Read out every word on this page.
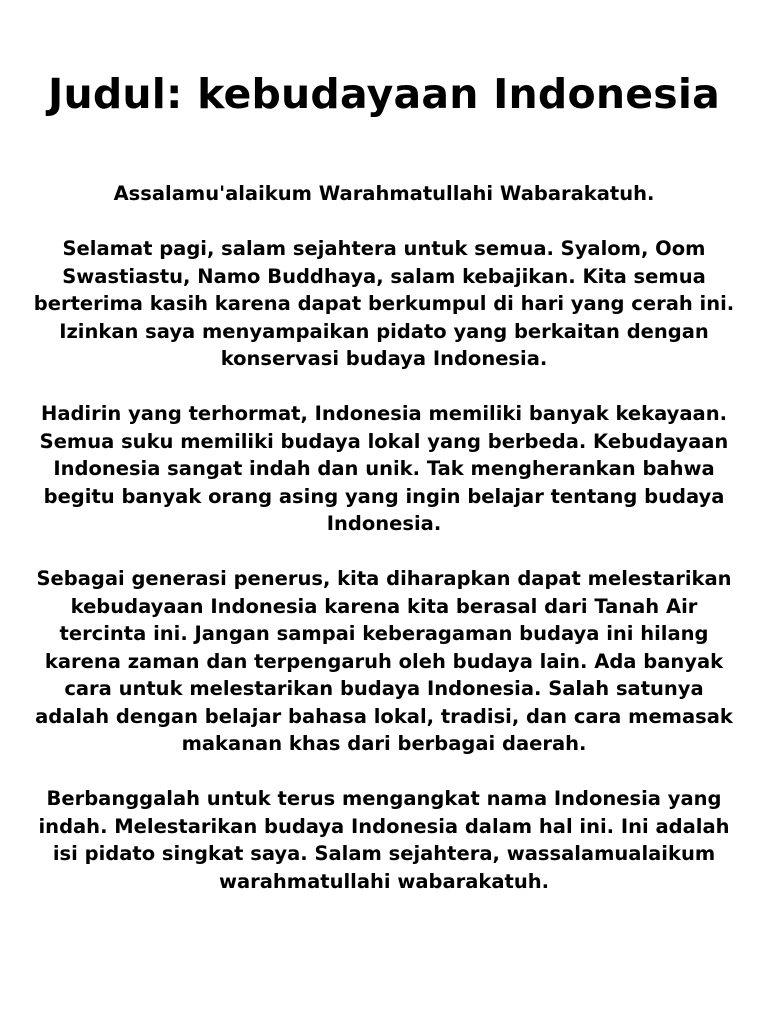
Judul: kebudayaan Indonesia

Assalamu'alaikum Warahmatullahi Wabarakatuh.

Selamat pagi, salam sejahtera untuk semua. Syalom, Oom Swastiastu, Namo Buddhaya, salam kebajikan. Kita semua berterima kasih karena dapat berkumpul di hari yang cerah ini. Izinkan saya menyampaikan pidato yang berkaitan dengan konservasi budaya Indonesia.

Hadirin yang terhormat, Indonesia memiliki banyak kekayaan. Semua suku memiliki budaya lokal yang berbeda. Kebudayaan Indonesia sangat indah dan unik. Tak mengherankan bahwa begitu banyak orang asing yang ingin belajar tentang budaya Indonesia.

Sebagai generasi penerus, kita diharapkan dapat melestarikan kebudayaan Indonesia karena kita berasal dari Tanah Air tercinta ini. Jangan sampai keberagaman budaya ini hilang karena zaman dan terpengaruh oleh budaya lain. Ada banyak cara untuk melestarikan budaya Indonesia. Salah satunya adalah dengan belajar bahasa lokal, tradisi, dan cara memasak makanan khas dari berbagai daerah.

Berbanggalah untuk terus mengangkat nama Indonesia yang indah. Melestarikan budaya Indonesia dalam hal ini. Ini adalah isi pidato singkat saya. Salam sejahtera, wassalamualaikum warahmatullahi wabarakatuh.
